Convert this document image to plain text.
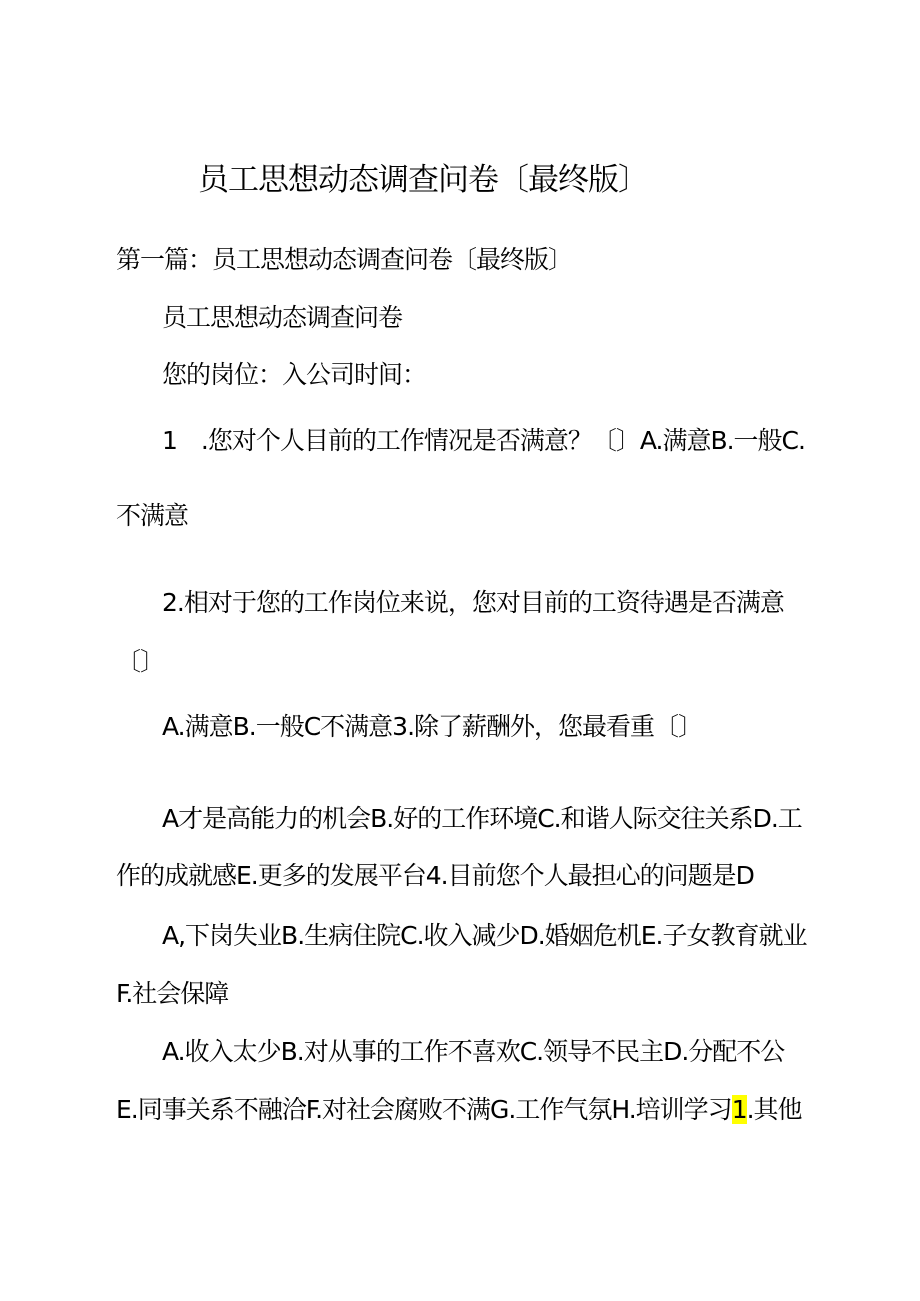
员工思想动态调查问卷〔最终版〕
第一篇：员工思想动态调查问卷〔最终版〕
员工思想动态调查问卷
您的岗位：入公司时间：
1　.您对个人目前的工作情况是否满意？〔〕A.满意B.一般C.
不满意
2.相对于您的工作岗位来说，您对目前的工资待遇是否满意
〔〕
A.满意B.一般C不满意3.除了薪酬外，您最看重〔〕
A才是高能力的机会B.好的工作环境C.和谐人际交往关系D.工
作的成就感E.更多的发展平台4.目前您个人最担心的问题是D
A,下岗失业B.生病住院C.收入减少D.婚姻危机E.子女教育就业
F.社会保障
A.收入太少B.对从事的工作不喜欢C.领导不民主D.分配不公
E.同事关系不融洽F.对社会腐败不满G.工作气氛H.培训学习1.其他
